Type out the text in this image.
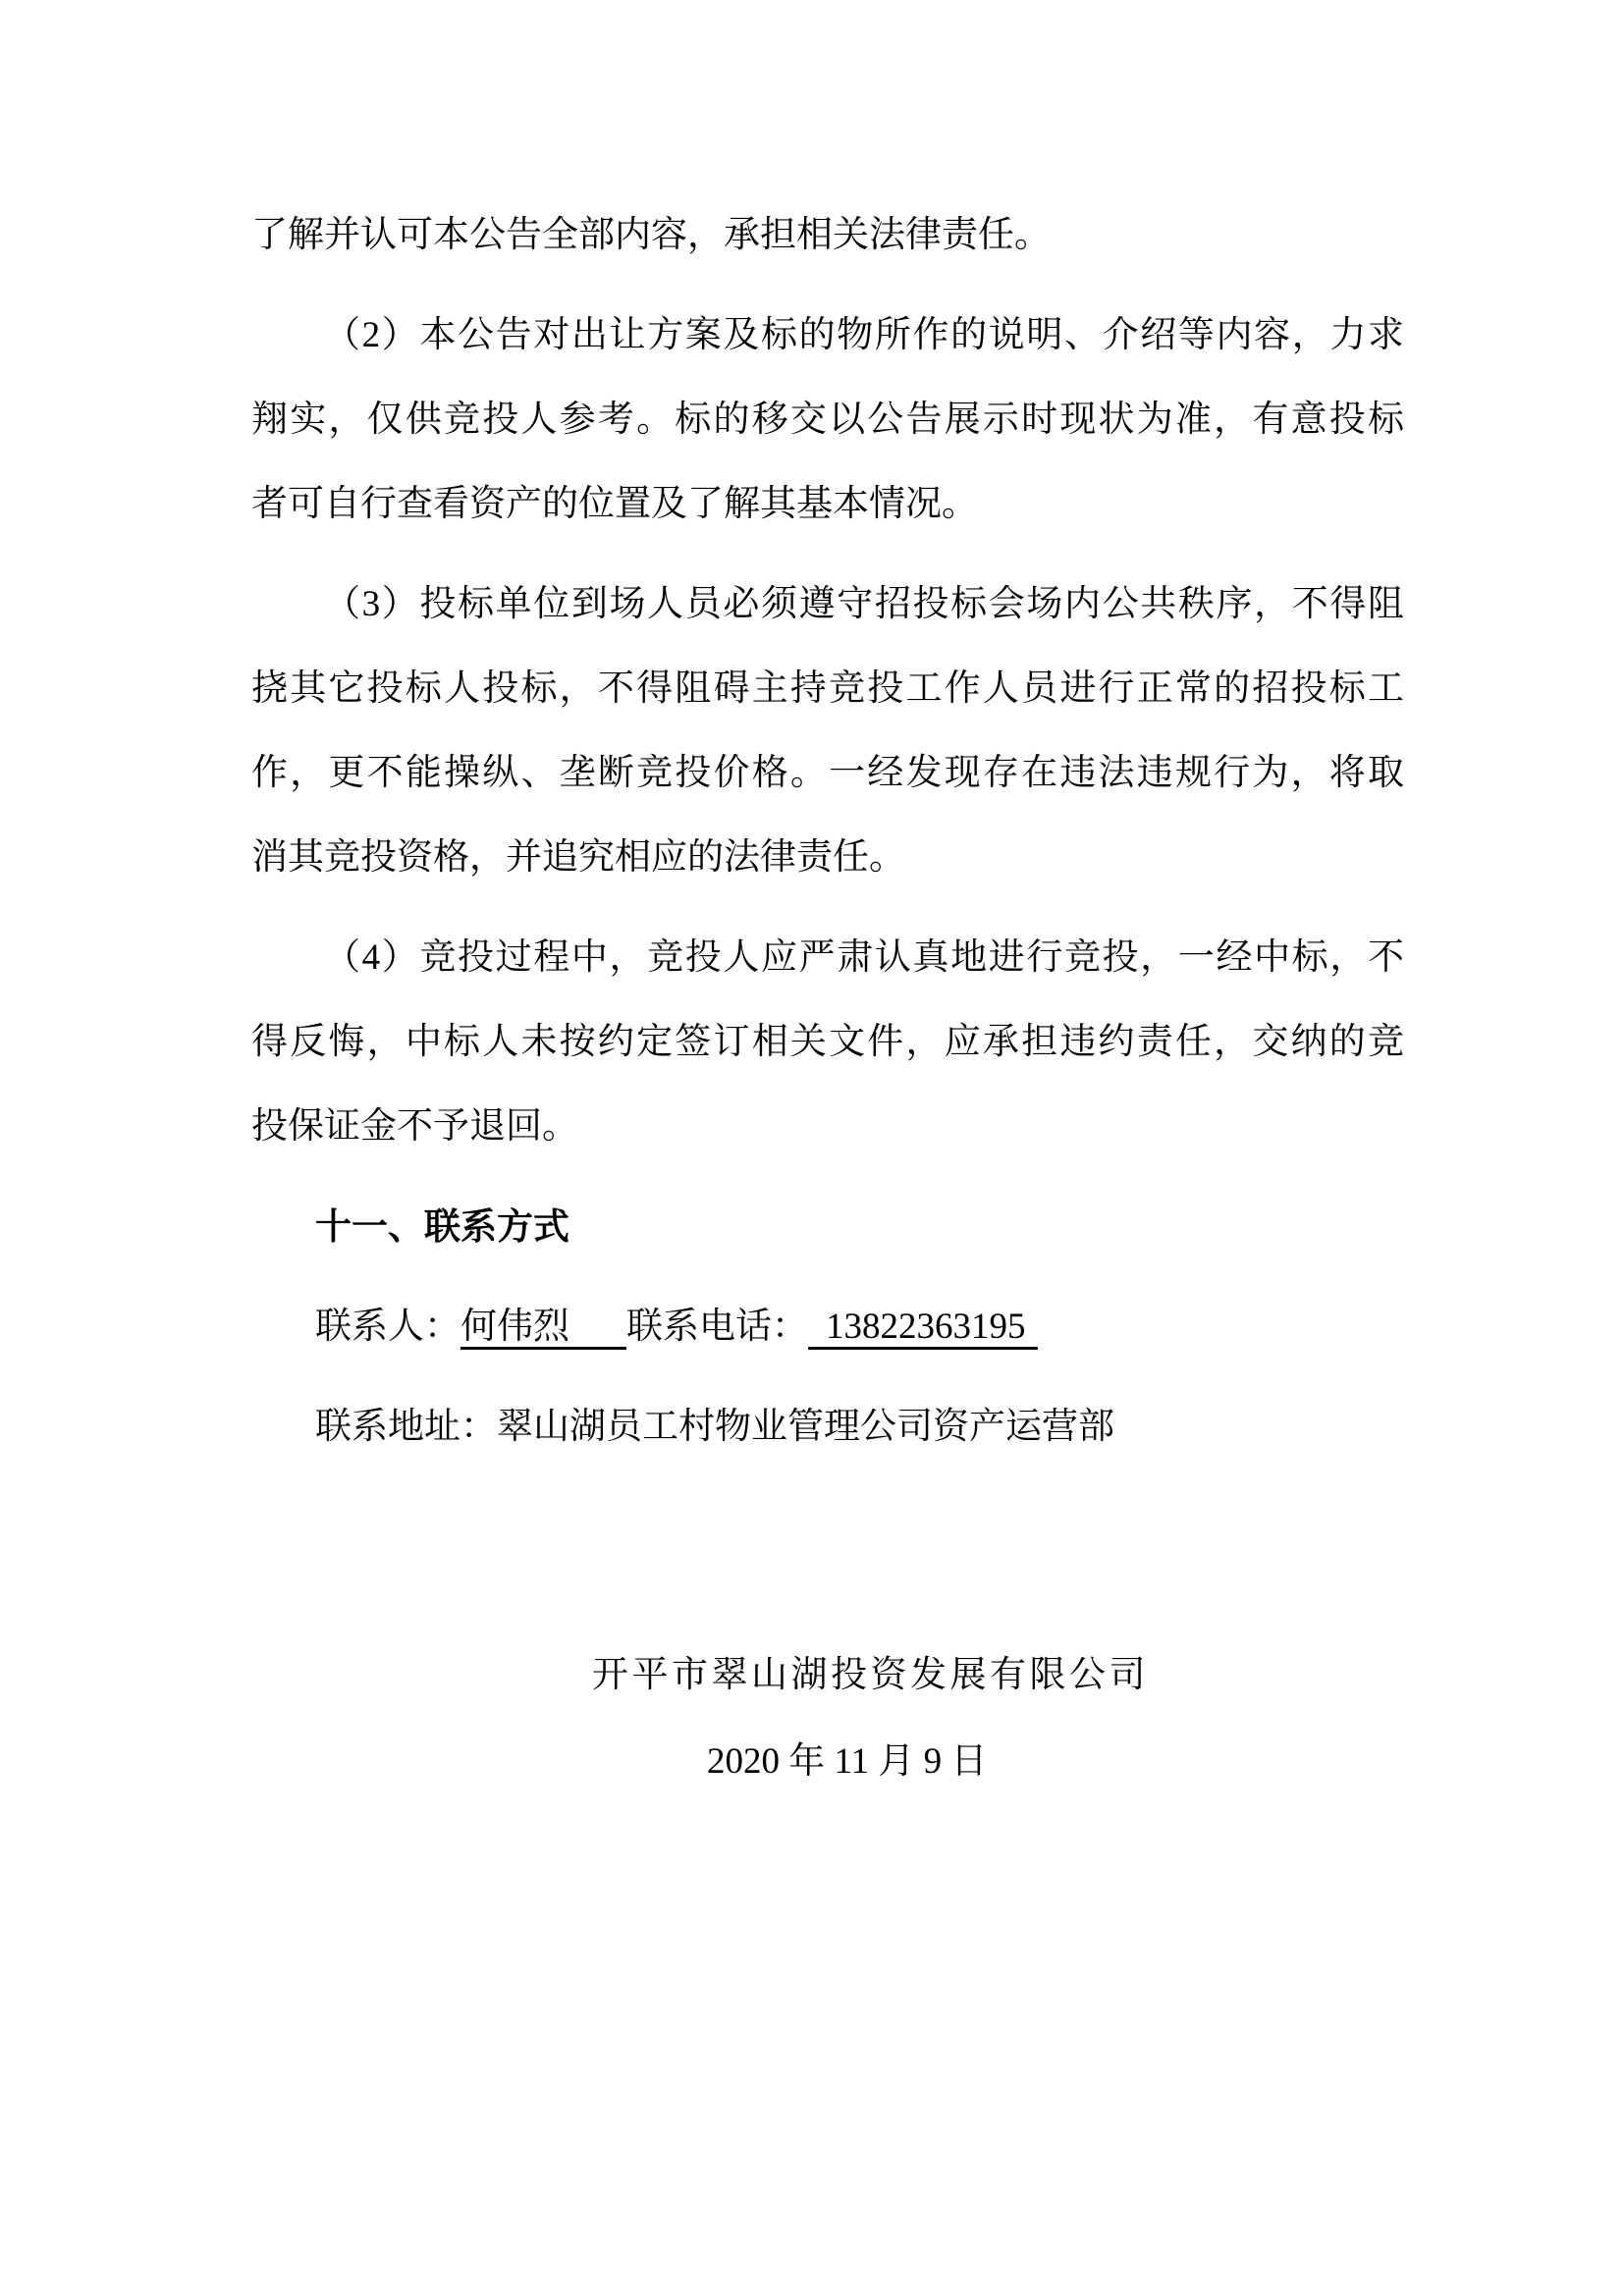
了解并认可本公告全部内容，承担相关法律责任。
（2）本公告对出让方案及标的物所作的说明、介绍等内容，力求
翔实，仅供竞投人参考。标的移交以公告展示时现状为准，有意投标
者可自行查看资产的位置及了解其基本情况。
（3）投标单位到场人员必须遵守招投标会场内公共秩序，不得阻
挠其它投标人投标，不得阻碍主持竞投工作人员进行正常的招投标工
作，更不能操纵、垄断竞投价格。一经发现存在违法违规行为，将取
消其竞投资格，并追究相应的法律责任。
（4）竞投过程中，竞投人应严肃认真地进行竞投，一经中标，不
得反悔，中标人未按约定签订相关文件，应承担违约责任，交纳的竞
投保证金不予退回。
十一、联系方式
联系人：何伟烈 联系电话： 13822363195
联系地址：翠山湖员工村物业管理公司资产运营部
开平市翠山湖投资发展有限公司
2020 年 11 月 9 日
